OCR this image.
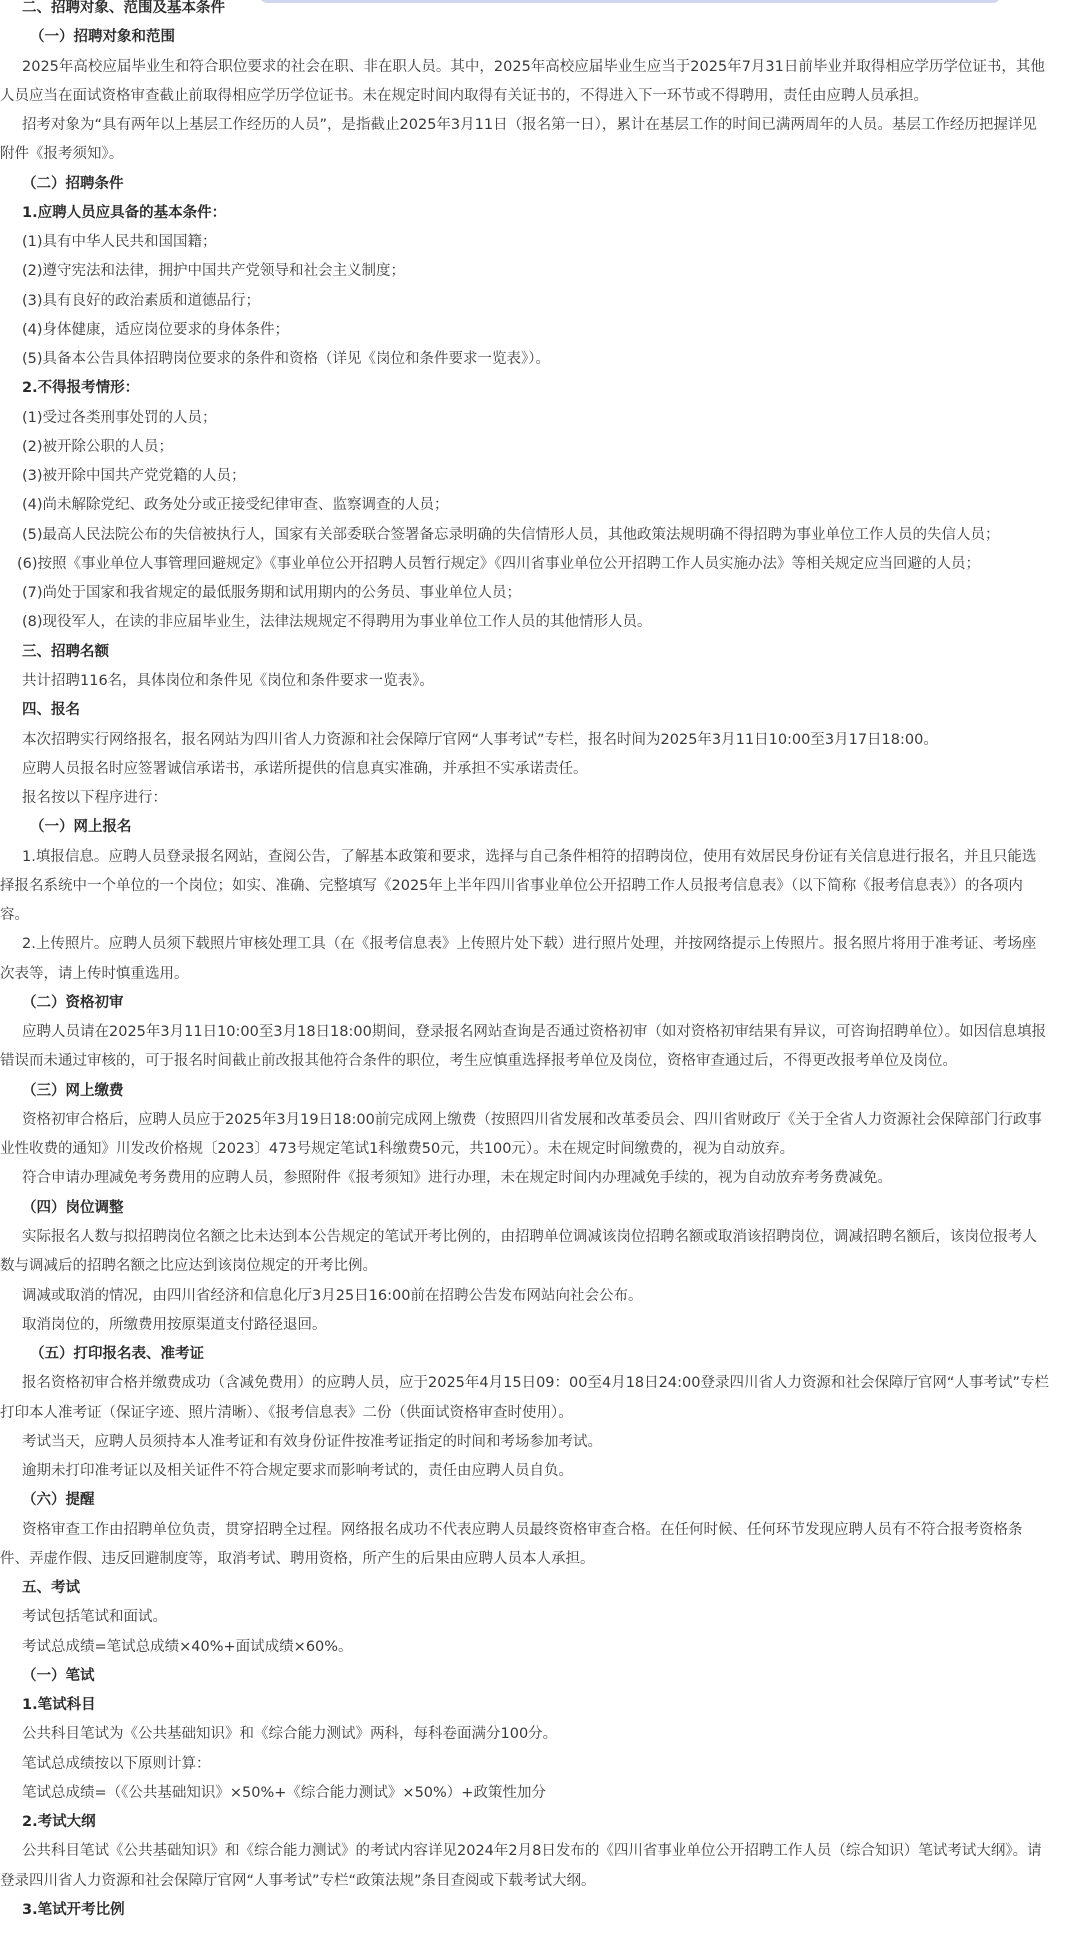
二、招聘对象、范围及基本条件
（一）招聘对象和范围
2025年高校应届毕业生和符合职位要求的社会在职、非在职人员。其中，2025年高校应届毕业生应当于2025年7月31日前毕业并取得相应学历学位证书，其他
人员应当在面试资格审查截止前取得相应学历学位证书。未在规定时间内取得有关证书的，不得进入下一环节或不得聘用，责任由应聘人员承担。
招考对象为“具有两年以上基层工作经历的人员”，是指截止2025年3月11日（报名第一日），累计在基层工作的时间已满两周年的人员。基层工作经历把握详见
附件《报考须知》。
（二）招聘条件
1.应聘人员应具备的基本条件：
(1)具有中华人民共和国国籍；
(2)遵守宪法和法律，拥护中国共产党领导和社会主义制度；
(3)具有良好的政治素质和道德品行；
(4)身体健康，适应岗位要求的身体条件；
(5)具备本公告具体招聘岗位要求的条件和资格（详见《岗位和条件要求一览表》）。
2.不得报考情形：
(1)受过各类刑事处罚的人员；
(2)被开除公职的人员；
(3)被开除中国共产党党籍的人员；
(4)尚未解除党纪、政务处分或正接受纪律审查、监察调查的人员；
(5)最高人民法院公布的失信被执行人，国家有关部委联合签署备忘录明确的失信情形人员，其他政策法规明确不得招聘为事业单位工作人员的失信人员；
(6)按照《事业单位人事管理回避规定》《事业单位公开招聘人员暂行规定》《四川省事业单位公开招聘工作人员实施办法》等相关规定应当回避的人员；
(7)尚处于国家和我省规定的最低服务期和试用期内的公务员、事业单位人员；
(8)现役军人，在读的非应届毕业生，法律法规规定不得聘用为事业单位工作人员的其他情形人员。
三、招聘名额
共计招聘116名，具体岗位和条件见《岗位和条件要求一览表》。
四、报名
本次招聘实行网络报名，报名网站为四川省人力资源和社会保障厅官网“人事考试”专栏，报名时间为2025年3月11日10:00至3月17日18:00。
应聘人员报名时应签署诚信承诺书，承诺所提供的信息真实准确，并承担不实承诺责任。
报名按以下程序进行：
（一）网上报名
1.填报信息。应聘人员登录报名网站，查阅公告，了解基本政策和要求，选择与自己条件相符的招聘岗位，使用有效居民身份证有关信息进行报名，并且只能选
择报名系统中一个单位的一个岗位；如实、准确、完整填写《2025年上半年四川省事业单位公开招聘工作人员报考信息表》（以下简称《报考信息表》）的各项内
容。
2.上传照片。应聘人员须下载照片审核处理工具（在《报考信息表》上传照片处下载）进行照片处理，并按网络提示上传照片。报名照片将用于准考证、考场座
次表等，请上传时慎重选用。
（二）资格初审
应聘人员请在2025年3月11日10:00至3月18日18:00期间，登录报名网站查询是否通过资格初审（如对资格初审结果有异议，可咨询招聘单位）。如因信息填报
错误而未通过审核的，可于报名时间截止前改报其他符合条件的职位，考生应慎重选择报考单位及岗位，资格审查通过后，不得更改报考单位及岗位。
（三）网上缴费
资格初审合格后，应聘人员应于2025年3月19日18:00前完成网上缴费（按照四川省发展和改革委员会、四川省财政厅《关于全省人力资源社会保障部门行政事
业性收费的通知》川发改价格规〔2023〕473号规定笔试1科缴费50元，共100元）。未在规定时间缴费的，视为自动放弃。
符合申请办理减免考务费用的应聘人员，参照附件《报考须知》进行办理，未在规定时间内办理减免手续的，视为自动放弃考务费减免。
（四）岗位调整
实际报名人数与拟招聘岗位名额之比未达到本公告规定的笔试开考比例的，由招聘单位调减该岗位招聘名额或取消该招聘岗位，调减招聘名额后，该岗位报考人
数与调减后的招聘名额之比应达到该岗位规定的开考比例。
调减或取消的情况，由四川省经济和信息化厅3月25日16:00前在招聘公告发布网站向社会公布。
取消岗位的，所缴费用按原渠道支付路径退回。
（五）打印报名表、准考证
报名资格初审合格并缴费成功（含减免费用）的应聘人员，应于2025年4月15日09：00至4月18日24:00登录四川省人力资源和社会保障厅官网“人事考试”专栏
打印本人准考证（保证字迹、照片清晰）、《报考信息表》二份（供面试资格审查时使用）。
考试当天，应聘人员须持本人准考证和有效身份证件按准考证指定的时间和考场参加考试。
逾期未打印准考证以及相关证件不符合规定要求而影响考试的，责任由应聘人员自负。
（六）提醒
资格审查工作由招聘单位负责，贯穿招聘全过程。网络报名成功不代表应聘人员最终资格审查合格。在任何时候、任何环节发现应聘人员有不符合报考资格条
件、弄虚作假、违反回避制度等，取消考试、聘用资格，所产生的后果由应聘人员本人承担。
五、考试
考试包括笔试和面试。
考试总成绩=笔试总成绩×40%+面试成绩×60%。
（一）笔试
1.笔试科目
公共科目笔试为《公共基础知识》和《综合能力测试》两科，每科卷面满分100分。
笔试总成绩按以下原则计算：
笔试总成绩=（《公共基础知识》×50%+《综合能力测试》×50%）+政策性加分
2.考试大纲
公共科目笔试《公共基础知识》和《综合能力测试》的考试内容详见2024年2月8日发布的《四川省事业单位公开招聘工作人员（综合知识）笔试考试大纲》。请
登录四川省人力资源和社会保障厅官网“人事考试”专栏“政策法规”条目查阅或下载考试大纲。
3.笔试开考比例
